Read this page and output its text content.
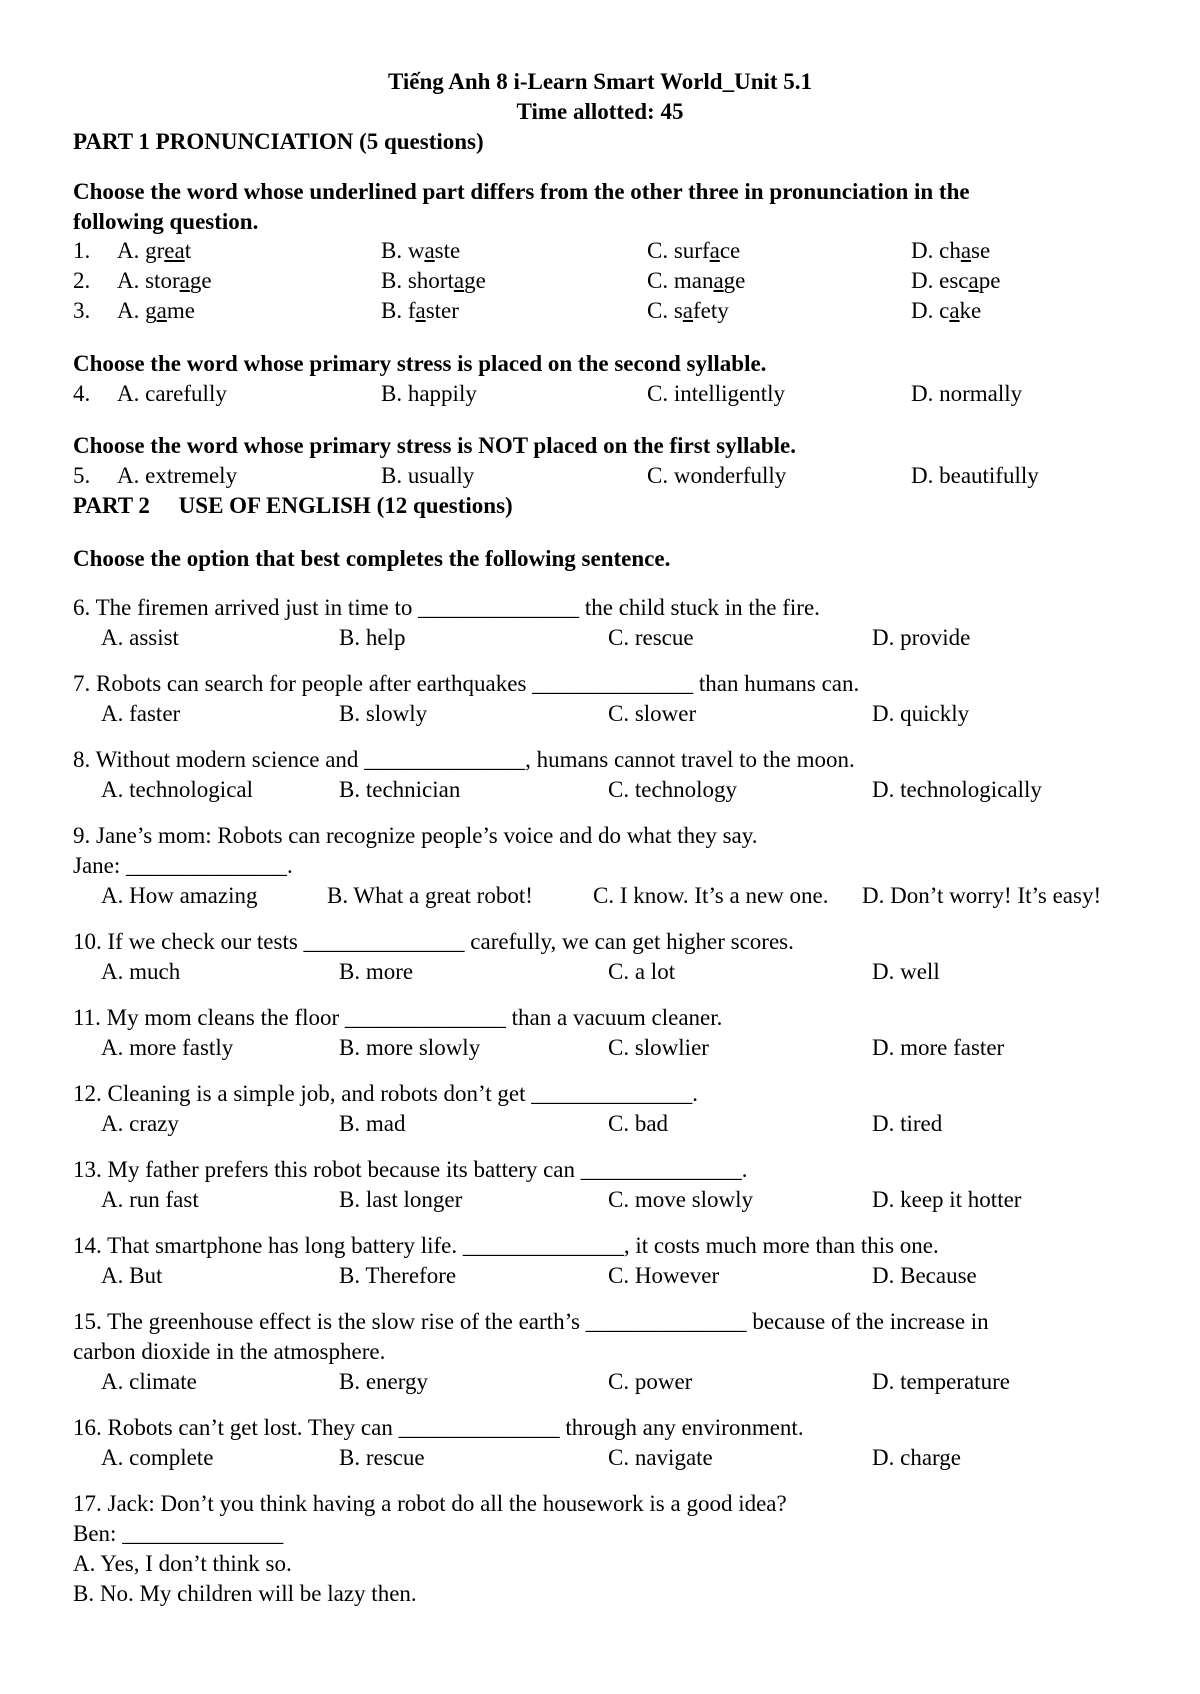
Tiếng Anh 8 i-Learn Smart World_Unit 5.1
Time allotted: 45
PART 1 PRONUNCIATION (5 questions)
Choose the word whose underlined part differs from the other three in pronunciation in the
following question.
1. A. great	B. waste	C. surface	D. chase
2. A. storage	B. shortage	C. manage	D. escape
3. A. game	B. faster	C. safety	D. cake
Choose the word whose primary stress is placed on the second syllable.
4. A. carefully	B. happily	C. intelligently	D. normally
Choose the word whose primary stress is NOT placed on the first syllable.
5. A. extremely	B. usually	C. wonderfully	D. beautifully
PART 2     USE OF ENGLISH (12 questions)
Choose the option that best completes the following sentence.
6. The firemen arrived just in time to ______________ the child stuck in the fire.
A. assist	B. help	C. rescue	D. provide
7. Robots can search for people after earthquakes ______________ than humans can.
A. faster	B. slowly	C. slower	D. quickly
8. Without modern science and ______________, humans cannot travel to the moon.
A. technological	B. technician	C. technology	D. technologically
9. Jane’s mom: Robots can recognize people’s voice and do what they say.
Jane: ______________.
A. How amazing	B. What a great robot!	C. I know. It’s a new one. D. Don’t worry! It’s easy!
10. If we check our tests ______________ carefully, we can get higher scores.
A. much	B. more	C. a lot	D. well
11. My mom cleans the floor ______________ than a vacuum cleaner.
A. more fastly	B. more slowly	C. slowlier	D. more faster
12. Cleaning is a simple job, and robots don’t get ______________.
A. crazy	B. mad	C. bad	D. tired
13. My father prefers this robot because its battery can ______________.
A. run fast	B. last longer	C. move slowly	D. keep it hotter
14. That smartphone has long battery life. ______________, it costs much more than this one.
A. But	B. Therefore	C. However	D. Because
15. The greenhouse effect is the slow rise of the earth’s ______________ because of the increase in
carbon dioxide in the atmosphere.
A. climate	B. energy	C. power	D. temperature
16. Robots can’t get lost. They can ______________ through any environment.
A. complete	B. rescue	C. navigate	D. charge
17. Jack: Don’t you think having a robot do all the housework is a good idea?
Ben: ______________
A. Yes, I don’t think so.
B. No. My children will be lazy then.
